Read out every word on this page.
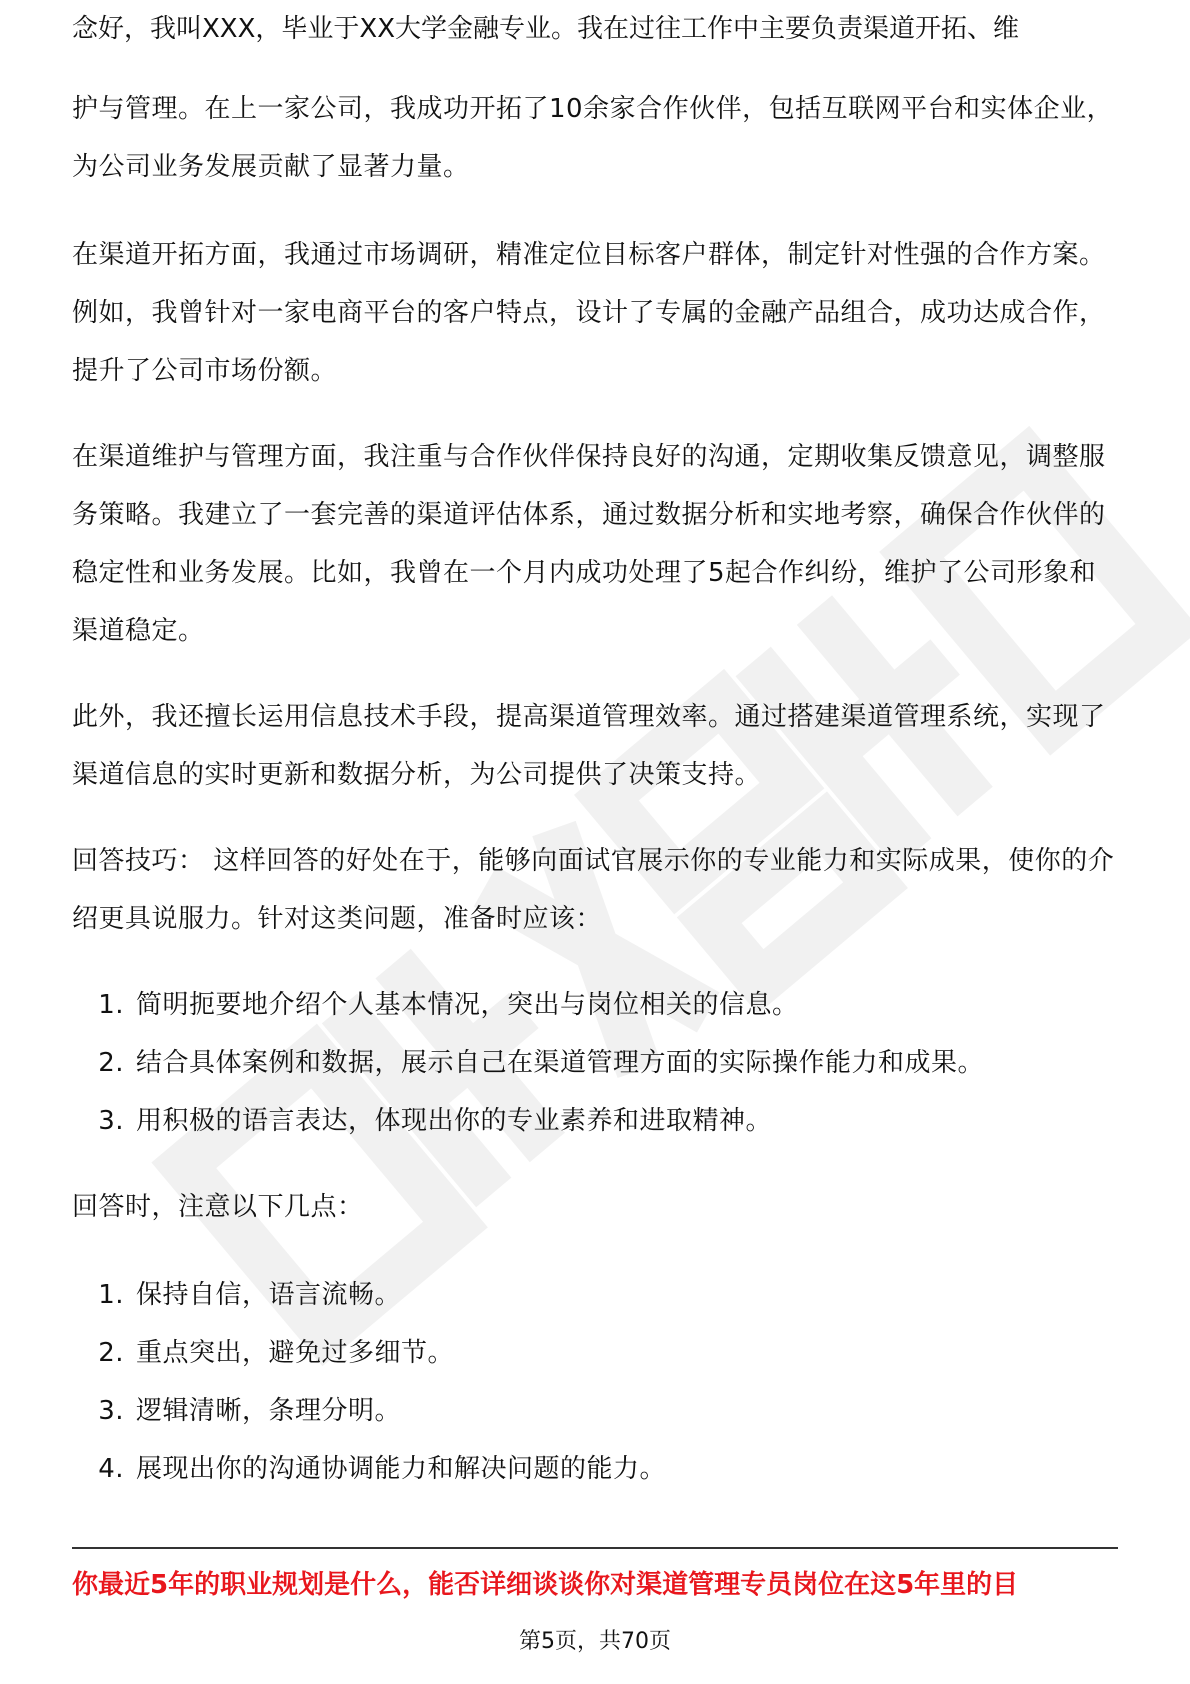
念好，我叫XXX，毕业于XX大学金融专业。我在过往工作中主要负责渠道开拓、维

护与管理。在上一家公司，我成功开拓了10余家合作伙伴，包括互联网平台和实体企业，为公司业务发展贡献了显著力量。

在渠道开拓方面，我通过市场调研，精准定位目标客户群体，制定针对性强的合作方案。例如，我曾针对一家电商平台的客户特点，设计了专属的金融产品组合，成功达成合作，提升了公司市场份额。

在渠道维护与管理方面，我注重与合作伙伴保持良好的沟通，定期收集反馈意见，调整服务策略。我建立了一套完善的渠道评估体系，通过数据分析和实地考察，确保合作伙伴的稳定性和业务发展。比如，我曾在一个月内成功处理了5起合作纠纷，维护了公司形象和渠道稳定。

此外，我还擅长运用信息技术手段，提高渠道管理效率。通过搭建渠道管理系统，实现了渠道信息的实时更新和数据分析，为公司提供了决策支持。

回答技巧： 这样回答的好处在于，能够向面试官展示你的专业能力和实际成果，使你的介绍更具说服力。针对这类问题，准备时应该：

1. 简明扼要地介绍个人基本情况，突出与岗位相关的信息。
2. 结合具体案例和数据，展示自己在渠道管理方面的实际操作能力和成果。
3. 用积极的语言表达，体现出你的专业素养和进取精神。

回答时，注意以下几点：

1. 保持自信，语言流畅。
2. 重点突出，避免过多细节。
3. 逻辑清晰，条理分明。
4. 展现出你的沟通协调能力和解决问题的能力。
你最近5年的职业规划是什么，能否详细谈谈你对渠道管理专员岗位在这5年里的目
第5页，共70页
